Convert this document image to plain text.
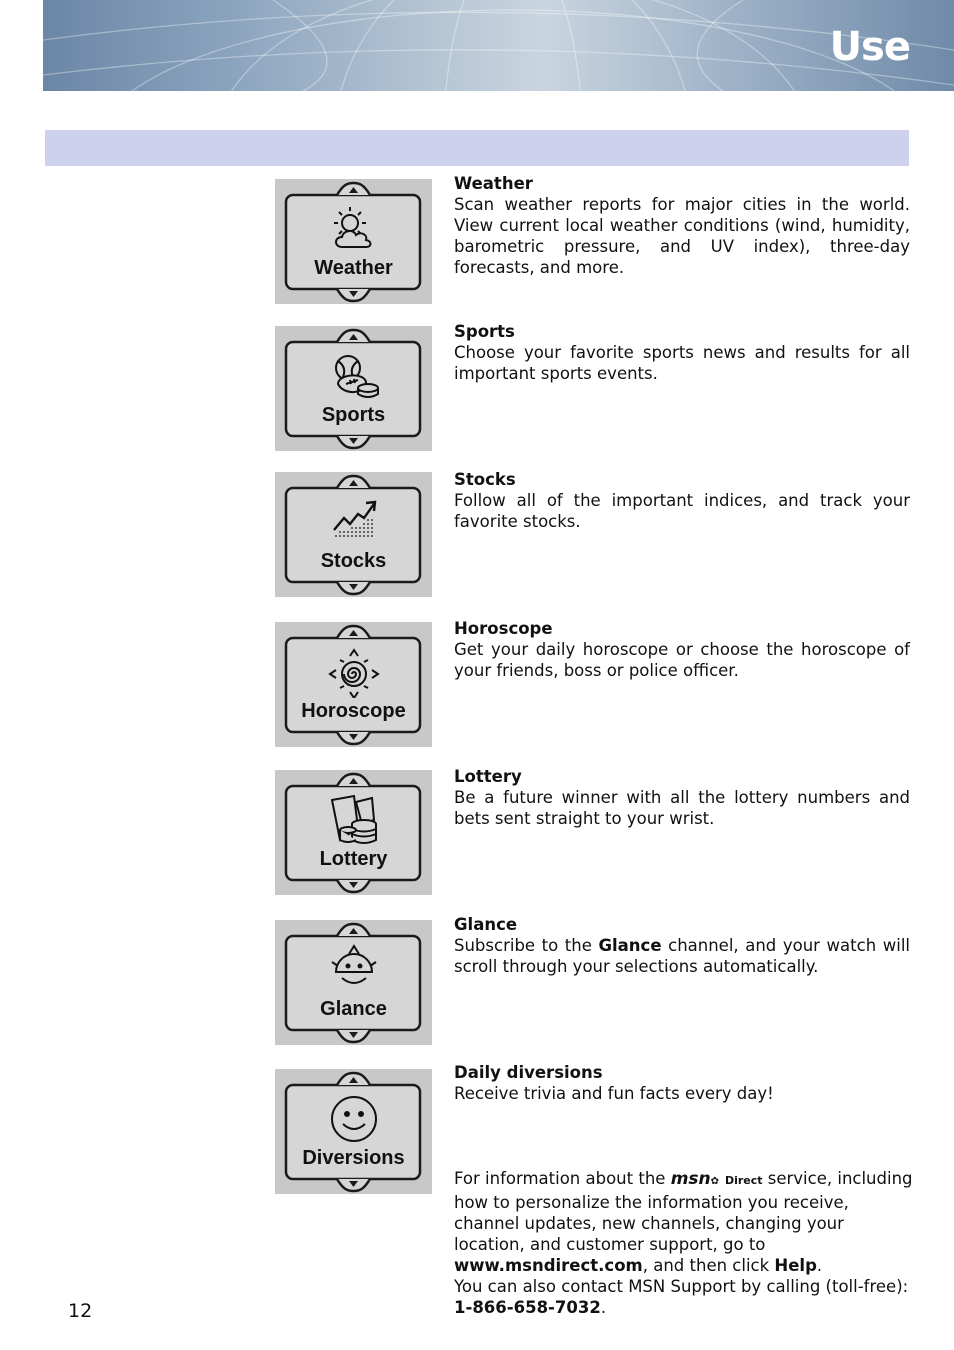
Use
Weather
Sports
Stocks
Horoscope
Lottery
Glance
Diversions
Weather
Scan weather reports for major cities in the world. View current local weather conditions (wind, humidity, barometric pressure, and UV index), three-day forecasts, and more.
Sports
Choose your favorite sports news and results for all important sports events.
Stocks
Follow all of the important indices, and track your favorite stocks.
Horoscope
Get your daily horoscope or choose the horoscope of your friends, boss or police officer.
Lottery
Be a future winner with all the lottery numbers and bets sent straight to your wrist.
Glance
Subscribe to the Glance channel, and your watch will scroll through your selections automatically.
Daily diversions
Receive trivia and fun facts every day!
For information about the msn✿ Direct service, including how to personalize the information you receive, channel updates, new channels, changing your location, and customer support, go to www.msndirect.com, and then click Help.
You can also contact MSN Support by calling (toll-free):
1-866-658-7032.
12
